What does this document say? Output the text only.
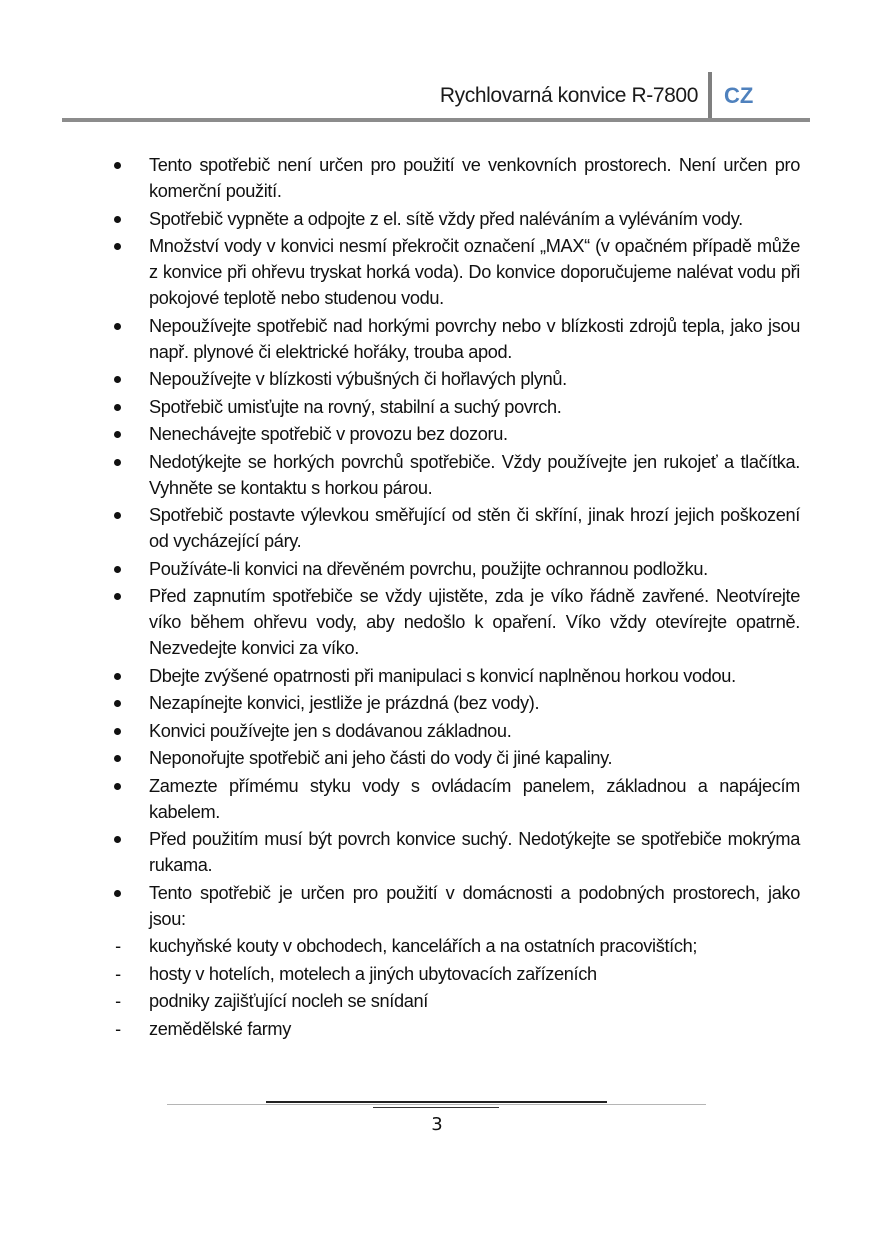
Rychlovarná konvice R-7800 CZ
Tento spotřebič není určen pro použití ve venkovních prostorech. Není určen pro komerční použití.
Spotřebič vypněte a odpojte z el. sítě vždy před naléváním a vyléváním vody.
Množství vody v konvici nesmí překročit označení „MAX“ (v opačném případě může z konvice při ohřevu tryskat horká voda). Do konvice doporučujeme nalévat vodu při pokojové teplotě nebo studenou vodu.
Nepoužívejte spotřebič nad horkými povrchy nebo v blízkosti zdrojů tepla, jako jsou např. plynové či elektrické hořáky, trouba apod.
Nepoužívejte v blízkosti výbušných či hořlavých plynů.
Spotřebič umisťujte na rovný, stabilní a suchý povrch.
Nenechávejte spotřebič v provozu bez dozoru.
Nedotýkejte se horkých povrchů spotřebiče. Vždy používejte jen rukojeť a tlačítka. Vyhněte se kontaktu s horkou párou.
Spotřebič postavte výlevkou směřující od stěn či skříní, jinak hrozí jejich poškození od vycházející páry.
Používáte-li konvici na dřevěném povrchu, použijte ochrannou podložku.
Před zapnutím spotřebiče se vždy ujistěte, zda je víko řádně zavřené. Neotvírejte víko během ohřevu vody, aby nedošlo k opaření. Víko vždy otevírejte opatrně. Nezvedejte konvici za víko.
Dbejte zvýšené opatrnosti při manipulaci s konvicí naplněnou horkou vodou.
Nezapínejte konvici, jestliže je prázdná (bez vody).
Konvici používejte jen s dodávanou základnou.
Neponořujte spotřebič ani jeho části do vody či jiné kapaliny.
Zamezte přímému styku vody s ovládacím panelem, základnou a napájecím kabelem.
Před použitím musí být povrch konvice suchý. Nedotýkejte se spotřebiče mokrýma rukama.
Tento spotřebič je určen pro použití v domácnosti a podobných prostorech, jako jsou:
- kuchyňské kouty v obchodech, kancelářích a na ostatních pracovištích;
- hosty v hotelích, motelech a jiných ubytovacích zařízeních
- podniky zajišťující nocleh se snídaní
- zemědělské farmy
3
